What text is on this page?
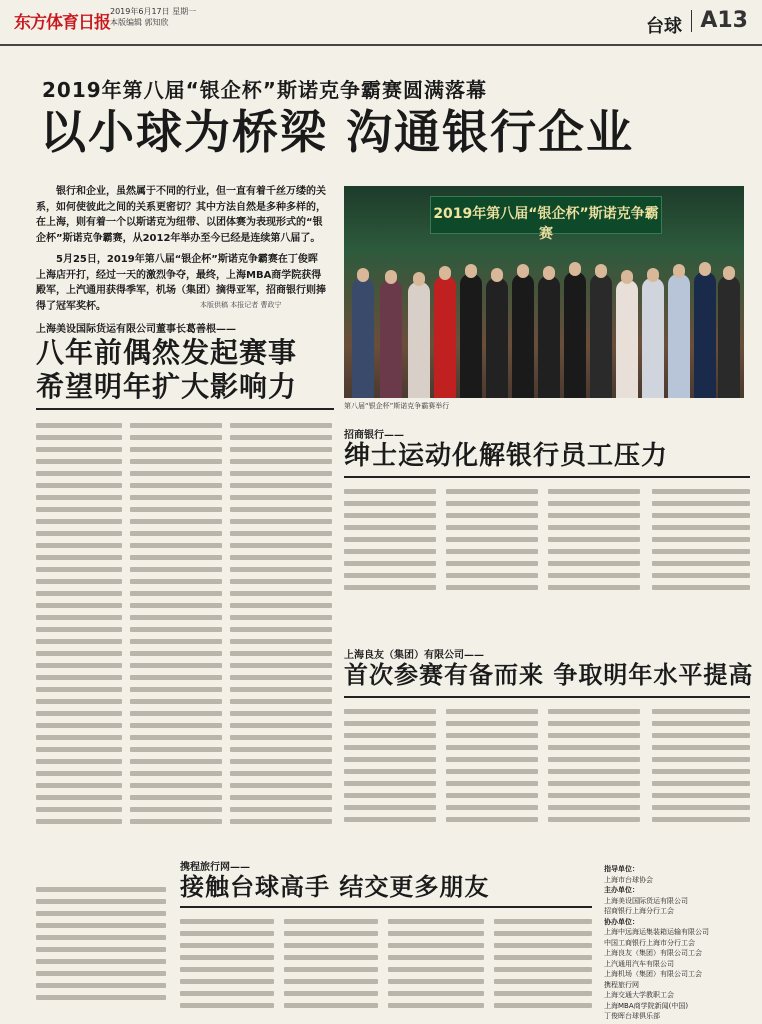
东方体育日报
2019年6月17日 星期一
本版编辑 郭知欣	台球 A13
2019年第八届“银企杯”斯诺克争霸赛圆满落幕
以小球为桥梁 沟通银行企业

银行和企业，虽然属于不同的行业，但一直有着千丝万缕的关系，如何使彼此之间的关系更密切？其中方法自然是多种多样的，在上海，则有着一个以斯诺克为纽带、以团体赛为表现形式的“银企杯”斯诺克争霸赛，从2012年举办至今已经是连续第八届了。

5月25日，2019年第八届“银企杯”斯诺克争霸赛在丁俊晖上海店开打，经过一天的激烈争夺，最终，上海MBA商学院获得殿军，上汽通用获得季军，机场（集团）摘得亚军，招商银行则捧得了冠军奖杯。	本版供稿 本报记者 曹政宁
2019年第八届“银企杯”斯诺克争霸赛
第八届“银企杯”斯诺克争霸赛举行
上海美设国际货运有限公司董事长葛善根——
八年前偶然发起赛事
希望明年扩大影响力
招商银行——
绅士运动化解银行员工压力
上海良友（集团）有限公司——
首次参赛有备而来 争取明年水平提高
携程旅行网——
接触台球高手 结交更多朋友
指导单位：
上海市台球协会
主办单位：
上海美设国际货运有限公司
招商银行上海分行工会
协办单位：
上海中远海运集装箱运输有限公司
中国工商银行上海市分行工会
上海良友（集团）有限公司工会
上汽通用汽车有限公司
上海机场（集团）有限公司工会
携程旅行网
上海交通大学教职工会
上海MBA商学院新闻(中国)
丁俊晖台球俱乐部
